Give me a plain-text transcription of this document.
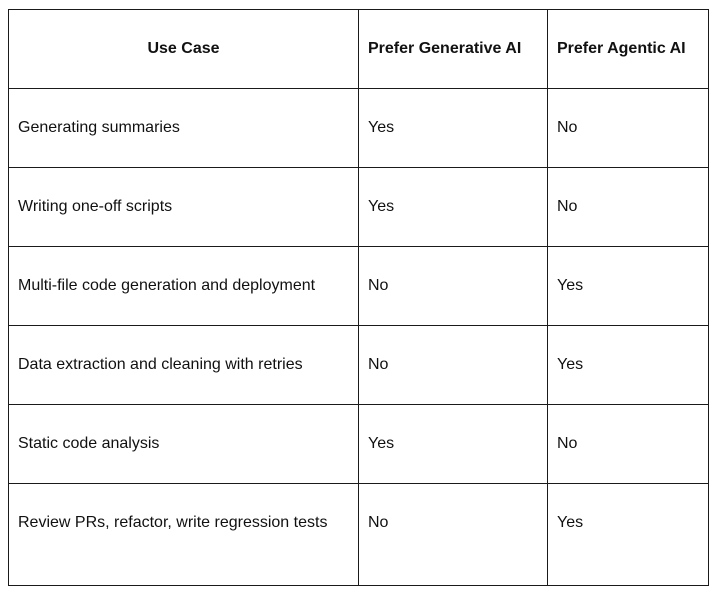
Use Case	Prefer Generative AI	Prefer Agentic AI
Generating summaries	Yes	No
Writing one-off scripts	Yes	No
Multi-file code generation and deployment	No	Yes
Data extraction and cleaning with retries	No	Yes
Static code analysis	Yes	No
Review PRs, refactor, write regression tests	No	Yes
